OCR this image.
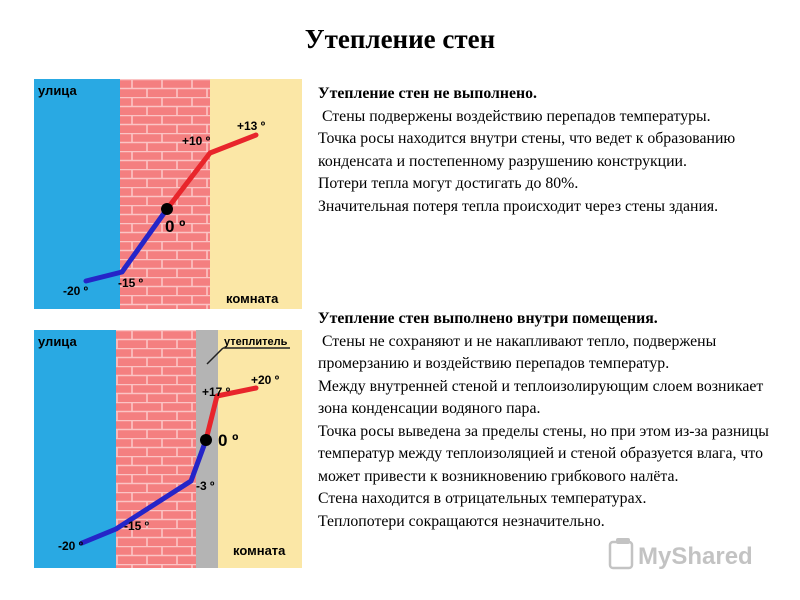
Утепление стен
улица
комната
-20 º
-15 º
0 º
+10 º
+13 º
улица	утеплитель
комната
-20 º
-15 º
-3 º
0 º
+17 º
+20 º

Утепление стен не выполнено.

Стены подвержены воздействию перепадов температуры.

Точка росы находится внутри стены, что ведет к образованию конденсата и постепенному разрушению конструкции.

Потери тепла могут достигать до 80%.

Значительная потеря тепла происходит через стены здания.

Утепление стен выполнено внутри помещения.

Стены не сохраняют и не накапливают тепло, подвержены промерзанию и воздействию перепадов температур.

Между внутренней стеной и теплоизолирующим слоем возникает зона конденсации водяного пара.

Точка росы выведена за пределы стены, но при этом из-за разницы температур между теплоизоляцией и стеной образуется влага, что может привести к возникновению грибкового налёта.

Стена находится в отрицательных температурах.

Теплопотери сокращаются незначительно.

MyShared
